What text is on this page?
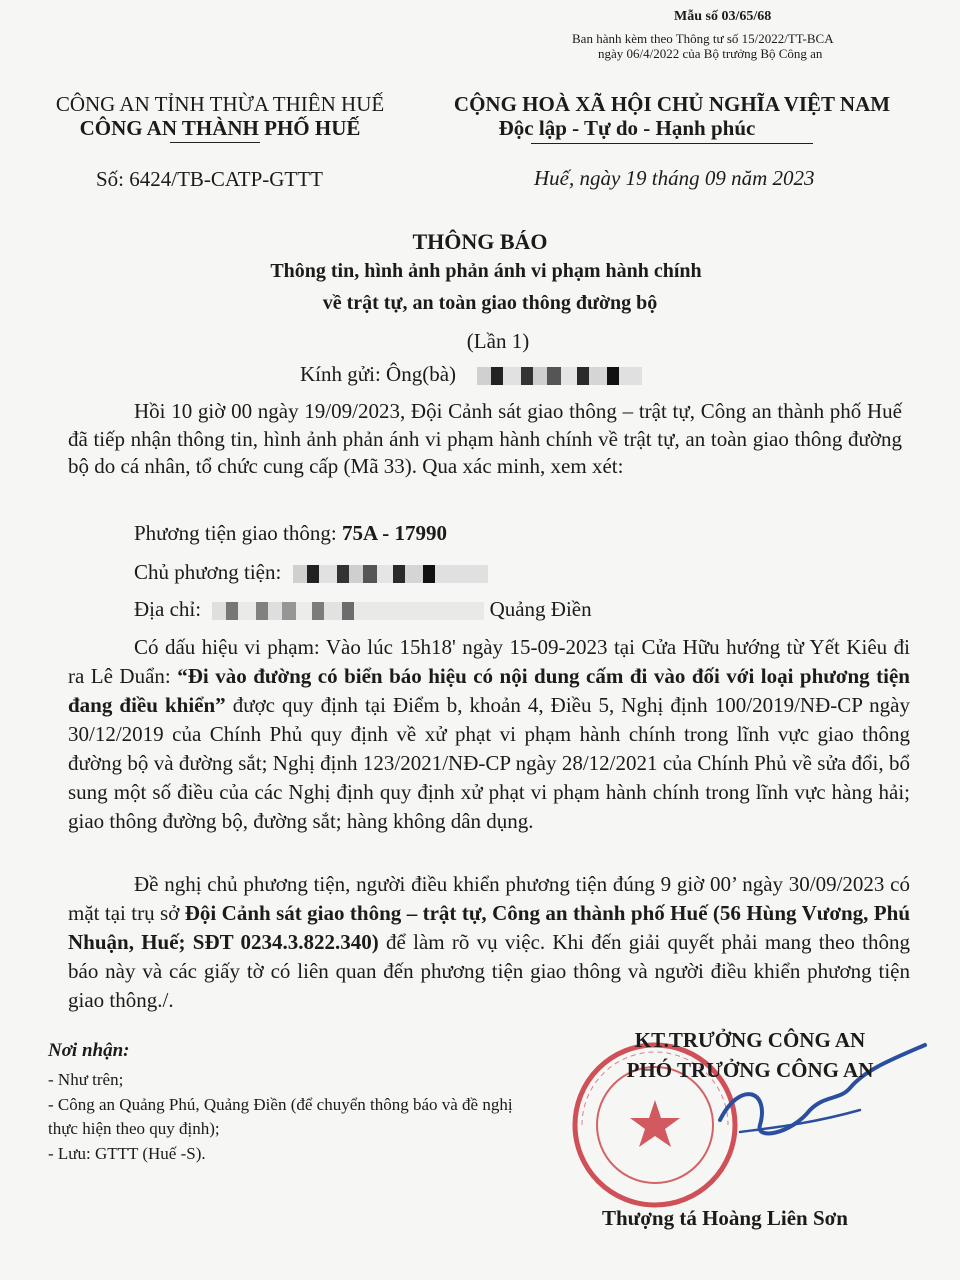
Mẫu số 03/65/68
Ban hành kèm theo Thông tư số 15/2022/TT-BCA
ngày 06/4/2022 của Bộ trưởng Bộ Công an
CÔNG AN TỈNH THỪA THIÊN HUẾ
CÔNG AN THÀNH PHỐ HUẾ
Số: 6424/TB-CATP-GTTT
CỘNG HOÀ XÃ HỘI CHỦ NGHĨA VIỆT NAM
Độc lập - Tự do - Hạnh phúc
Huế, ngày 19 tháng 09 năm 2023
THÔNG BÁO
Thông tin, hình ảnh phản ánh vi phạm hành chính
về trật tự, an toàn giao thông đường bộ
(Lần 1)
Kính gửi: Ông(bà)

Hồi 10 giờ 00 ngày 19/09/2023, Đội Cảnh sát giao thông – trật tự, Công an thành phố Huế đã tiếp nhận thông tin, hình ảnh phản ánh vi phạm hành chính về trật tự, an toàn giao thông đường bộ do cá nhân, tổ chức cung cấp (Mã 33). Qua xác minh, xem xét:

Phương tiện giao thông: 75A - 17990
Chủ phương tiện:
Địa chỉ:	Quảng Điền

Có dấu hiệu vi phạm: Vào lúc 15h18' ngày 15-09-2023 tại Cửa Hữu hướng từ Yết Kiêu đi ra Lê Duẩn: “Đi vào đường có biển báo hiệu có nội dung cấm đi vào đối với loại phương tiện đang điều khiển” được quy định tại Điểm b, khoản 4, Điều 5, Nghị định 100/2019/NĐ-CP ngày 30/12/2019 của Chính Phủ quy định về xử phạt vi phạm hành chính trong lĩnh vực giao thông đường bộ và đường sắt; Nghị định 123/2021/NĐ-CP ngày 28/12/2021 của Chính Phủ về sửa đổi, bổ sung một số điều của các Nghị định quy định xử phạt vi phạm hành chính trong lĩnh vực hàng hải; giao thông đường bộ, đường sắt; hàng không dân dụng.

Đề nghị chủ phương tiện, người điều khiển phương tiện đúng 9 giờ 00’ ngày 30/09/2023 có mặt tại trụ sở Đội Cảnh sát giao thông – trật tự, Công an thành phố Huế (56 Hùng Vương, Phú Nhuận, Huế; SĐT 0234.3.822.340) để làm rõ vụ việc. Khi đến giải quyết phải mang theo thông báo này và các giấy tờ có liên quan đến phương tiện giao thông và người điều khiển phương tiện giao thông./.

Nơi nhận:
- Như trên;
- Công an Quảng Phú, Quảng Điền (để chuyển thông báo và đề nghị thực hiện theo quy định);
- Lưu: GTTT (Huế -S).
KT.TRƯỞNG CÔNG AN
PHÓ TRƯỞNG CÔNG AN
Thượng tá Hoàng Liên Sơn
